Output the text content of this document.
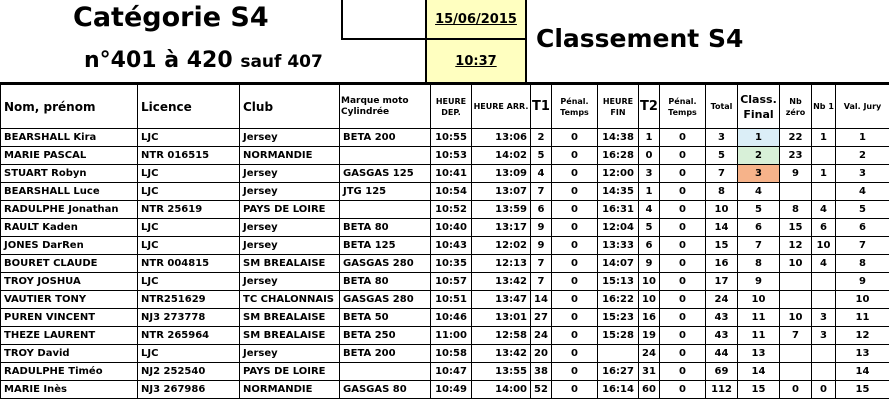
Catégorie S4
n°401 à 420 sauf 407
15/06/2015
10:37
Classement S4
Nom, prénom	Licence	Club	Marque moto Cylindrée	HEURE DEP.	HEURE ARR.	T1	Pénal. Temps	HEURE FIN	T2	Pénal. Temps	Total	Class. Final	Nb zéro	Nb 1	Val. Jury
BEARSHALL Kira	LJC	Jersey	BETA 200	10:55	13:06	2	0	14:38	1	0	3	1	22	1	1
MARIE PASCAL	NTR 016515	NORMANDIE		10:53	14:02	5	0	16:28	0	0	5	2	23		2
STUART Robyn	LJC	Jersey	GASGAS 125	10:41	13:09	4	0	12:00	3	0	7	3	9	1	3
BEARSHALL Luce	LJC	Jersey	JTG 125	10:54	13:07	7	0	14:35	1	0	8	4			4
RADULPHE Jonathan	NTR 25619	PAYS DE LOIRE		10:52	13:59	6	0	16:31	4	0	10	5	8	4	5
RAULT Kaden	LJC	Jersey	BETA 80	10:40	13:17	9	0	12:04	5	0	14	6	15	6	6
JONES DarRen	LJC	Jersey	BETA 125	10:43	12:02	9	0	13:33	6	0	15	7	12	10	7
BOURET CLAUDE	NTR 004815	SM BREALAISE	GASGAS 280	10:35	12:13	7	0	14:07	9	0	16	8	10	4	8
TROY JOSHUA	LJC	Jersey	BETA 80	10:57	13:42	7	0	15:13	10	0	17	9			9
VAUTIER TONY	NTR251629	TC CHALONNAIS	GASGAS 280	10:51	13:47	14	0	16:22	10	0	24	10			10
PUREN VINCENT	NJ3 273778	SM BREALAISE	BETA 50	10:46	13:01	27	0	15:23	16	0	43	11	10	3	11
THEZE LAURENT	NTR 265964	SM BREALAISE	BETA 250	11:00	12:58	24	0	15:28	19	0	43	11	7	3	12
TROY David	LJC	Jersey	BETA 200	10:58	13:42	20	0		24	0	44	13			13
RADULPHE Timéo	NJ2 252540	PAYS DE LOIRE		10:47	13:55	38	0	16:27	31	0	69	14			14
MARIE Inès	NJ3 267986	NORMANDIE	GASGAS 80	10:49	14:00	52	0	16:14	60	0	112	15	0	0	15
